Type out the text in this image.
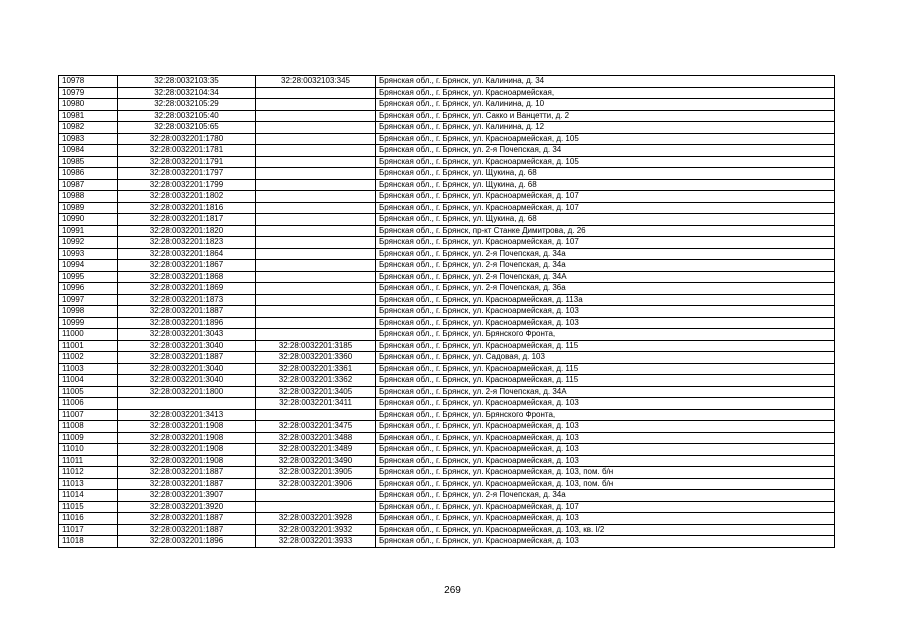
10978	32:28:0032103:35	32:28:0032103:345	Брянская обл., г. Брянск, ул. Калинина, д. 34
10979	32:28:0032104:34		Брянская обл., г. Брянск, ул. Красноармейская,
10980	32:28:0032105:29		Брянская обл., г. Брянск, ул. Калинина, д. 10
10981	32:28:0032105:40		Брянская обл., г. Брянск, ул. Сакко и Ванцетти, д. 2
10982	32:28:0032105:65		Брянская обл., г. Брянск, ул. Калинина, д. 12
10983	32:28:0032201:1780		Брянская обл., г. Брянск, ул. Красноармейская, д. 105
10984	32:28:0032201:1781		Брянская обл., г. Брянск, ул. 2-я Почепская, д. 34
10985	32:28:0032201:1791		Брянская обл., г. Брянск, ул. Красноармейская, д. 105
10986	32:28:0032201:1797		Брянская обл., г. Брянск, ул. Щукина, д. 68
10987	32:28:0032201:1799		Брянская обл., г. Брянск, ул. Щукина, д. 68
10988	32:28:0032201:1802		Брянская обл., г. Брянск, ул. Красноармейская, д. 107
10989	32:28:0032201:1816		Брянская обл., г. Брянск, ул. Красноармейская, д. 107
10990	32:28:0032201:1817		Брянская обл., г. Брянск, ул. Щукина, д. 68
10991	32:28:0032201:1820		Брянская обл., г. Брянск, пр-кт Станке Димитрова, д. 26
10992	32:28:0032201:1823		Брянская обл., г. Брянск, ул. Красноармейская, д. 107
10993	32:28:0032201:1864		Брянская обл., г. Брянск, ул. 2-я Почепская, д. 34а
10994	32:28:0032201:1867		Брянская обл., г. Брянск, ул. 2-я Почепская, д. 34а
10995	32:28:0032201:1868		Брянская обл., г. Брянск, ул. 2-я Почепская, д. 34А
10996	32:28:0032201:1869		Брянская обл., г. Брянск, ул. 2-я Почепская, д. 36а
10997	32:28:0032201:1873		Брянская обл., г. Брянск, ул. Красноармейская, д. 113а
10998	32:28:0032201:1887		Брянская обл., г. Брянск, ул. Красноармейская, д. 103
10999	32:28:0032201:1896		Брянская обл., г. Брянск, ул. Красноармейская, д. 103
11000	32:28:0032201:3043		Брянская обл., г. Брянск, ул. Брянского Фронта,
11001	32:28:0032201:3040	32:28:0032201:3185	Брянская обл., г. Брянск, ул. Красноармейская, д. 115
11002	32:28:0032201:1887	32:28:0032201:3360	Брянская обл., г. Брянск, ул. Садовая, д. 103
11003	32:28:0032201:3040	32:28:0032201:3361	Брянская обл., г. Брянск, ул. Красноармейская, д. 115
11004	32:28:0032201:3040	32:28:0032201:3362	Брянская обл., г. Брянск, ул. Красноармейская, д. 115
11005	32:28:0032201:1800	32:28:0032201:3405	Брянская обл., г. Брянск, ул. 2-я Почепская, д. 34А
11006		32:28:0032201:3411	Брянская обл., г. Брянск, ул. Красноармейская, д. 103
11007	32:28:0032201:3413		Брянская обл., г. Брянск, ул. Брянского Фронта,
11008	32:28:0032201:1908	32:28:0032201:3475	Брянская обл., г. Брянск, ул. Красноармейская, д. 103
11009	32:28:0032201:1908	32:28:0032201:3488	Брянская обл., г. Брянск, ул. Красноармейская, д. 103
11010	32:28:0032201:1908	32:28:0032201:3489	Брянская обл., г. Брянск, ул. Красноармейская, д. 103
11011	32:28:0032201:1908	32:28:0032201:3490	Брянская обл., г. Брянск, ул. Красноармейская, д. 103
11012	32:28:0032201:1887	32:28:0032201:3905	Брянская обл., г. Брянск, ул. Красноармейская, д. 103, пом. б/н
11013	32:28:0032201:1887	32:28:0032201:3906	Брянская обл., г. Брянск, ул. Красноармейская, д. 103, пом. б/н
11014	32:28:0032201:3907		Брянская обл., г. Брянск, ул. 2-я Почепская, д. 34а
11015	32:28:0032201:3920		Брянская обл., г. Брянск, ул. Красноармейская, д. 107
11016	32:28:0032201:1887	32:28:0032201:3928	Брянская обл., г. Брянск, ул. Красноармейская, д. 103
11017	32:28:0032201:1887	32:28:0032201:3932	Брянская обл., г. Брянск, ул. Красноармейская, д. 103, кв. I/2
11018	32:28:0032201:1896	32:28:0032201:3933	Брянская обл., г. Брянск, ул. Красноармейская, д. 103
269
